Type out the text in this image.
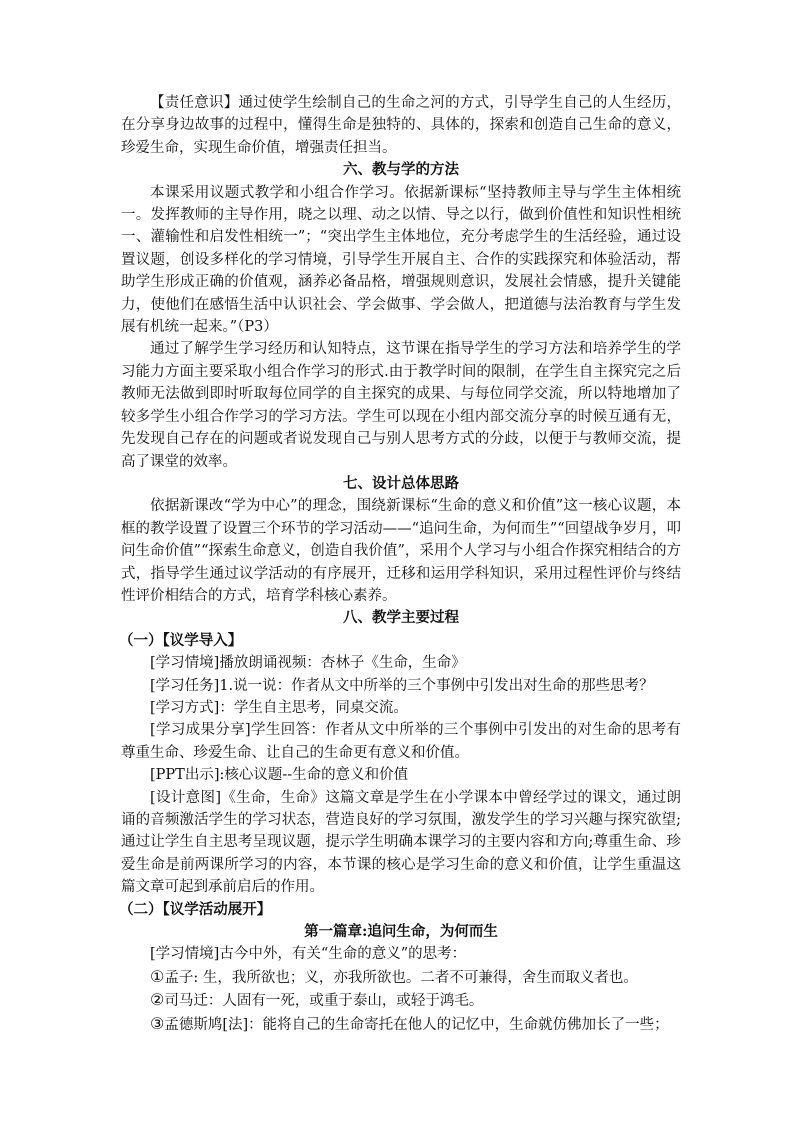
【责任意识】通过使学生绘制自己的生命之河的方式，引导学生自己的人生经历，在分享身边故事的过程中，懂得生命是独特的、具体的，探索和创造自己生命的意义，珍爱生命，实现生命价值，增强责任担当。

六、教与学的方法

本课采用议题式教学和小组合作学习。依据新课标“坚持教师主导与学生主体相统一。发挥教师的主导作用，晓之以理、动之以情、导之以行，做到价值性和知识性相统一、灌输性和启发性相统一”；“突出学生主体地位，充分考虑学生的生活经验，通过设置议题，创设多样化的学习情境，引导学生开展自主、合作的实践探究和体验活动，帮助学生形成正确的价值观，涵养必备品格，增强规则意识，发展社会情感，提升关键能力，使他们在感悟生活中认识社会、学会做事、学会做人，把道德与法治教育与学生发展有机统一起来。”（P3）

通过了解学生学习经历和认知特点，这节课在指导学生的学习方法和培养学生的学习能力方面主要采取小组合作学习的形式.由于教学时间的限制，在学生自主探究完之后教师无法做到即时听取每位同学的自主探究的成果、与每位同学交流，所以特地增加了较多学生小组合作学习的学习方法。学生可以现在小组内部交流分享的时候互通有无，先发现自己存在的问题或者说发现自己与别人思考方式的分歧，以便于与教师交流，提高了课堂的效率。

七、设计总体思路

依据新课改“学为中心”的理念，围绕新课标“生命的意义和价值”这一核心议题，本框的教学设置了设置三个环节的学习活动——“追问生命，为何而生”“回望战争岁月，叩问生命价值”“探索生命意义，创造自我价值”，采用个人学习与小组合作探究相结合的方式，指导学生通过议学活动的有序展开，迁移和运用学科知识，采用过程性评价与终结性评价相结合的方式，培育学科核心素养。

八、教学主要过程

（一）【议学导入】

[学习情境]播放朗诵视频：杏林子《生命，生命》

[学习任务]1.说一说：作者从文中所举的三个事例中引发出对生命的那些思考？

[学习方式]：学生自主思考，同桌交流。

[学习成果分享]学生回答：作者从文中所举的三个事例中引发出的对生命的思考有尊重生命、珍爱生命、让自己的生命更有意义和价值。

[PPT出示]:核心议题--生命的意义和价值

[设计意图]《生命，生命》这篇文章是学生在小学课本中曾经学过的课文，通过朗诵的音频激活学生的学习状态，营造良好的学习氛围，激发学生的学习兴趣与探究欲望;通过让学生自主思考呈现议题，提示学生明确本课学习的主要内容和方向;尊重生命、珍爱生命是前两课所学习的内容，本节课的核心是学习生命的意义和价值，让学生重温这篇文章可起到承前启后的作用。

（二）【议学活动展开】

第一篇章:追问生命，为何而生

[学习情境]古今中外，有关“生命的意义”的思考：

①孟子: 生，我所欲也；义，亦我所欲也。二者不可兼得，舍生而取义者也。

②司马迁：人固有一死，或重于泰山，或轻于鸿毛。

③孟德斯鸠[法]：能将自己的生命寄托在他人的记忆中，生命就仿佛加长了一些；
